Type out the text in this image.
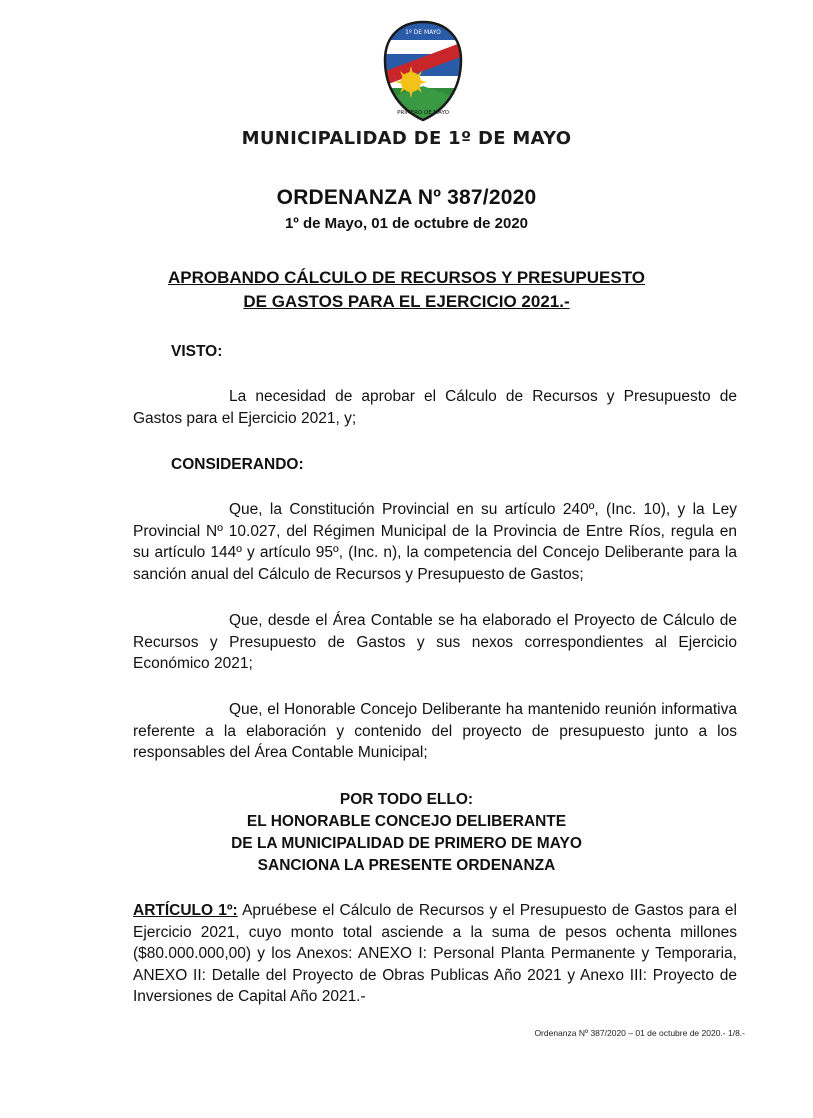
1º DE MAYO
PRIMERO DE MAYO
MUNICIPALIDAD DE 1º DE MAYO
ORDENANZA Nº 387/2020
1º de Mayo, 01 de octubre de 2020
APROBANDO CÁLCULO DE RECURSOS Y PRESUPUESTO
DE GASTOS PARA EL EJERCICIO 2021.-
VISTO:
La necesidad de aprobar el Cálculo de Recursos y Presupuesto de Gastos para el Ejercicio 2021, y;
CONSIDERANDO:
Que, la Constitución Provincial en su artículo 240º, (Inc. 10), y la Ley Provincial Nº 10.027, del Régimen Municipal de la Provincia de Entre Ríos, regula en su artículo 144º y artículo 95º, (Inc. n), la competencia del Concejo Deliberante para la sanción anual del Cálculo de Recursos y Presupuesto de Gastos;
Que, desde el Área Contable se ha elaborado el Proyecto de Cálculo de Recursos y Presupuesto de Gastos y sus nexos correspondientes al Ejercicio Económico 2021;
Que, el Honorable Concejo Deliberante ha mantenido reunión informativa referente a la elaboración y contenido del proyecto de presupuesto junto a los responsables del Área Contable Municipal;
POR TODO ELLO:
EL HONORABLE CONCEJO DELIBERANTE
DE LA MUNICIPALIDAD DE PRIMERO DE MAYO
SANCIONA LA PRESENTE ORDENANZA
ARTÍCULO 1º: Apruébese el Cálculo de Recursos y el Presupuesto de Gastos para el Ejercicio 2021, cuyo monto total asciende a la suma de pesos ochenta millones ($80.000.000,00) y los Anexos: ANEXO I: Personal Planta Permanente y Temporaria, ANEXO II: Detalle del Proyecto de Obras Publicas Año 2021 y Anexo III: Proyecto de Inversiones de Capital Año 2021.-
Ordenanza Nº 387/2020 – 01 de octubre de 2020.- 1/8.-
